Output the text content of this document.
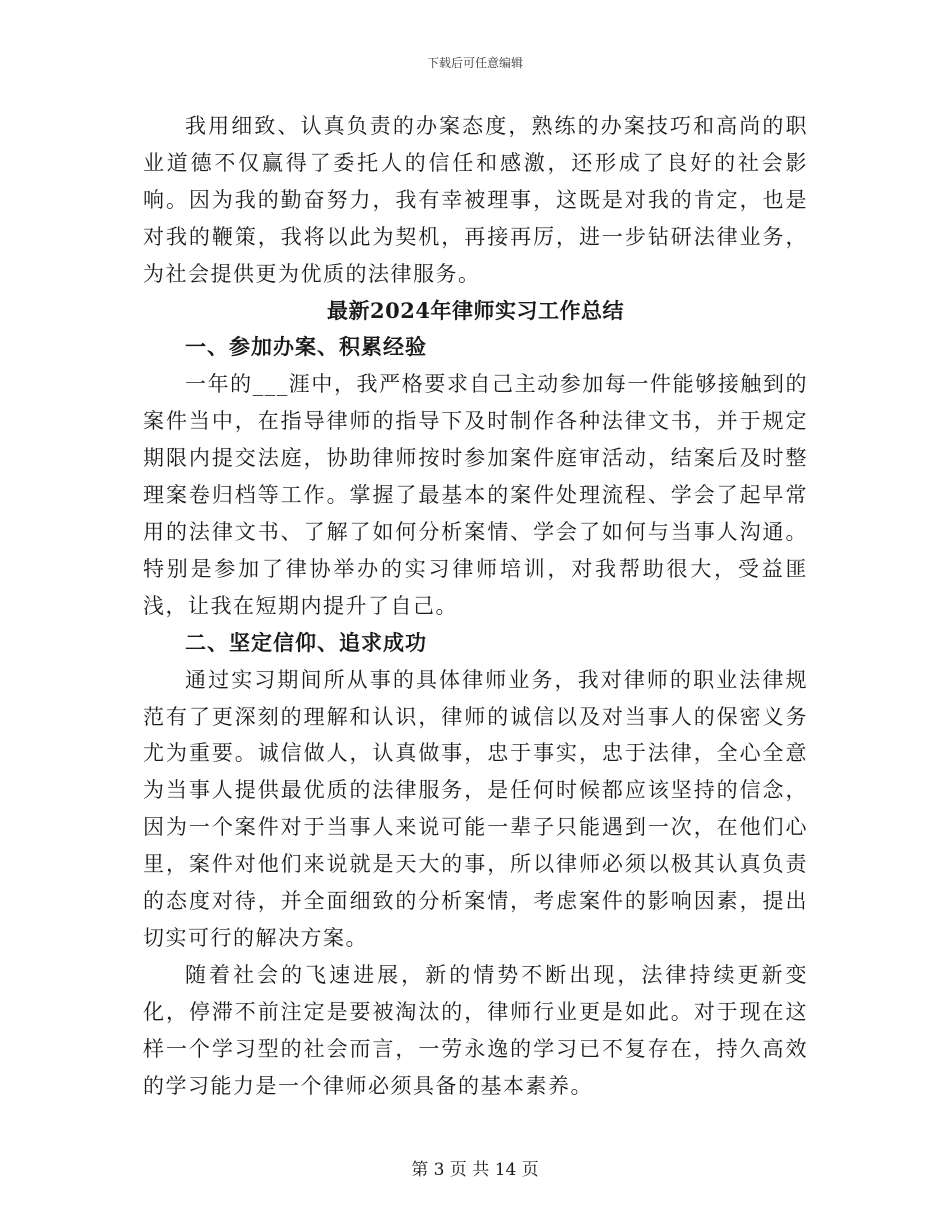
下载后可任意编辑

我用细致、认真负责的办案态度，熟练的办案技巧和高尚的职业道德不仅赢得了委托人的信任和感激，还形成了良好的社会影响。因为我的勤奋努力，我有幸被理事，这既是对我的肯定，也是对我的鞭策，我将以此为契机，再接再厉，进一步钻研法律业务，为社会提供更为优质的法律服务。

最新2024年律师实习工作总结

一、参加办案、积累经验

一年的___涯中，我严格要求自己主动参加每一件能够接触到的案件当中，在指导律师的指导下及时制作各种法律文书，并于规定期限内提交法庭，协助律师按时参加案件庭审活动，结案后及时整理案卷归档等工作。掌握了最基本的案件处理流程、学会了起早常用的法律文书、了解了如何分析案情、学会了如何与当事人沟通。特别是参加了律协举办的实习律师培训，对我帮助很大，受益匪浅，让我在短期内提升了自己。

二、坚定信仰、追求成功

通过实习期间所从事的具体律师业务，我对律师的职业法律规范有了更深刻的理解和认识，律师的诚信以及对当事人的保密义务尤为重要。诚信做人，认真做事，忠于事实，忠于法律，全心全意为当事人提供最优质的法律服务，是任何时候都应该坚持的信念，因为一个案件对于当事人来说可能一辈子只能遇到一次，在他们心里，案件对他们来说就是天大的事，所以律师必须以极其认真负责的态度对待，并全面细致的分析案情，考虑案件的影响因素，提出切实可行的解决方案。

随着社会的飞速进展，新的情势不断出现，法律持续更新变化，停滞不前注定是要被淘汰的，律师行业更是如此。对于现在这样一个学习型的社会而言，一劳永逸的学习已不复存在，持久高效的学习能力是一个律师必须具备的基本素养。

第 3 页 共 14 页
